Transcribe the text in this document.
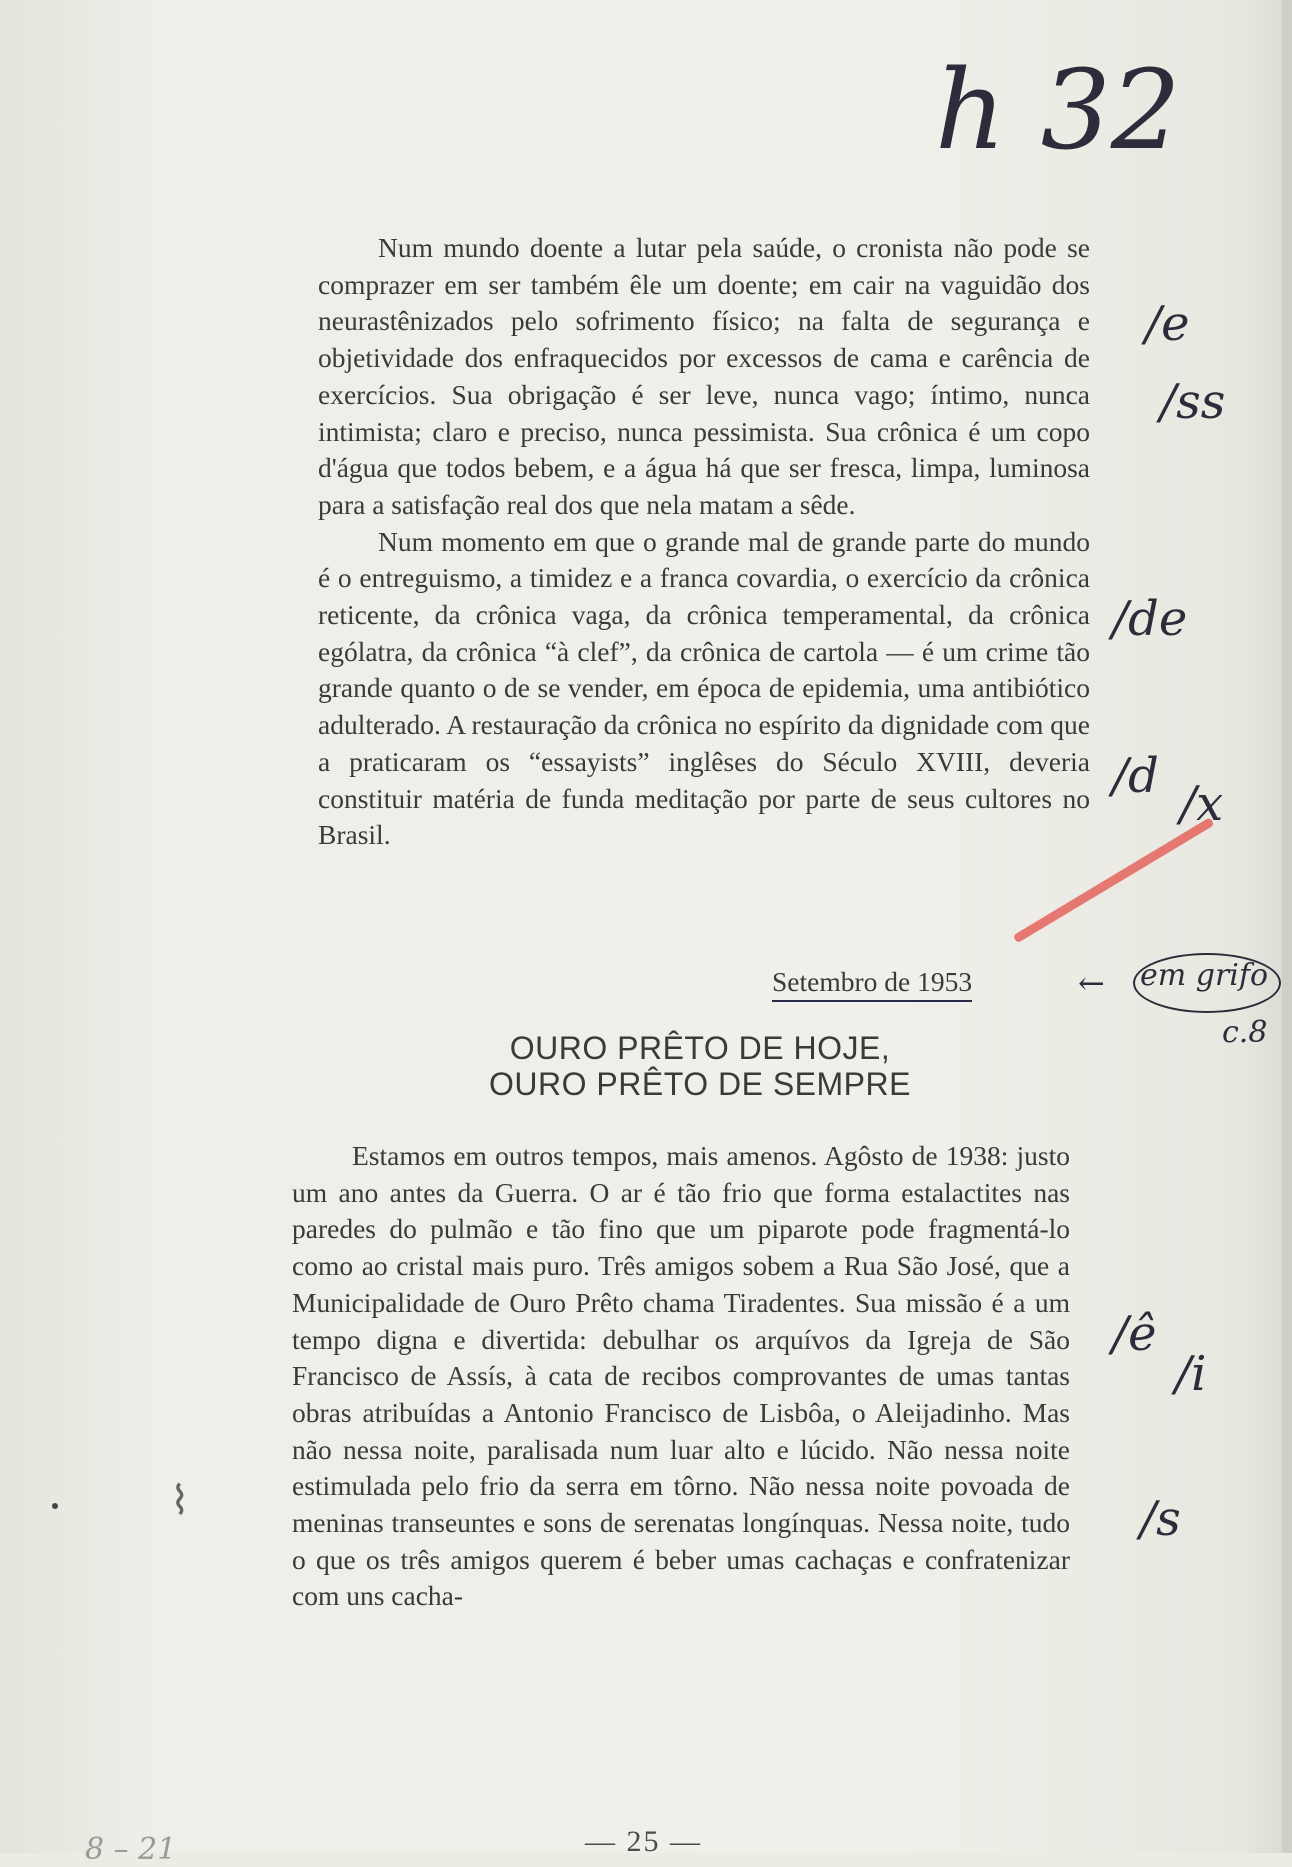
h 32

Num mundo doente a lutar pela saúde, o cronista não pode se comprazer em ser também êle um doente; em cair na vaguidão dos neurastênizados pelo sofrimento físico; na falta de segurança e objetividade dos enfraquecidos por excessos de cama e carência de exercícios. Sua obrigação é ser leve, nunca vago; íntimo, nunca intimista; claro e preciso, nunca pessimista. Sua crônica é um copo d'água que todos bebem, e a água há que ser fresca, limpa, luminosa para a satisfação real dos que nela matam a sêde.

Num momento em que o grande mal de grande parte do mundo é o entreguismo, a timidez e a franca covardia, o exercício da crônica reticente, da crônica vaga, da crônica temperamental, da crônica ególatra, da crônica “à clef”, da crônica de cartola — é um crime tão grande quanto o de se vender, em época de epidemia, uma antibiótico adulterado. A restauração da crônica no espírito da dignidade com que a praticaram os “essayists” inglêses do Século XVIII, deveria constituir matéria de funda meditação por parte de seus cultores no Brasil.

Setembro de 1953	← em grifo
c.8
OURO PRÊTO DE HOJE,
OURO PRÊTO DE SEMPRE

Estamos em outros tempos, mais amenos. Agôsto de 1938: justo um ano antes da Guerra. O ar é tão frio que forma estalactites nas paredes do pulmão e tão fino que um piparote pode fragmentá-lo como ao cristal mais puro. Três amigos sobem a Rua São José, que a Municipalidade de Ouro Prêto chama Tiradentes. Sua missão é a um tempo digna e divertida: debulhar os arquívos da Igreja de São Francisco de Assís, à cata de recibos comprovantes de umas tantas obras atribuídas a Antonio Francisco de Lisbôa, o Aleijadinho. Mas não nessa noite, paralisada num luar alto e lúcido. Não nessa noite estimulada pelo frio da serra em tôrno. Não nessa noite povoada de meninas transeuntes e sons de serenatas longínquas. Nessa noite, tudo o que os três amigos querem é beber umas cachaças e confratenizar com uns cacha-

/e
/ss
/de
/d /x
/ê
/i
/s
⌇
— 25 —
8 – 21
